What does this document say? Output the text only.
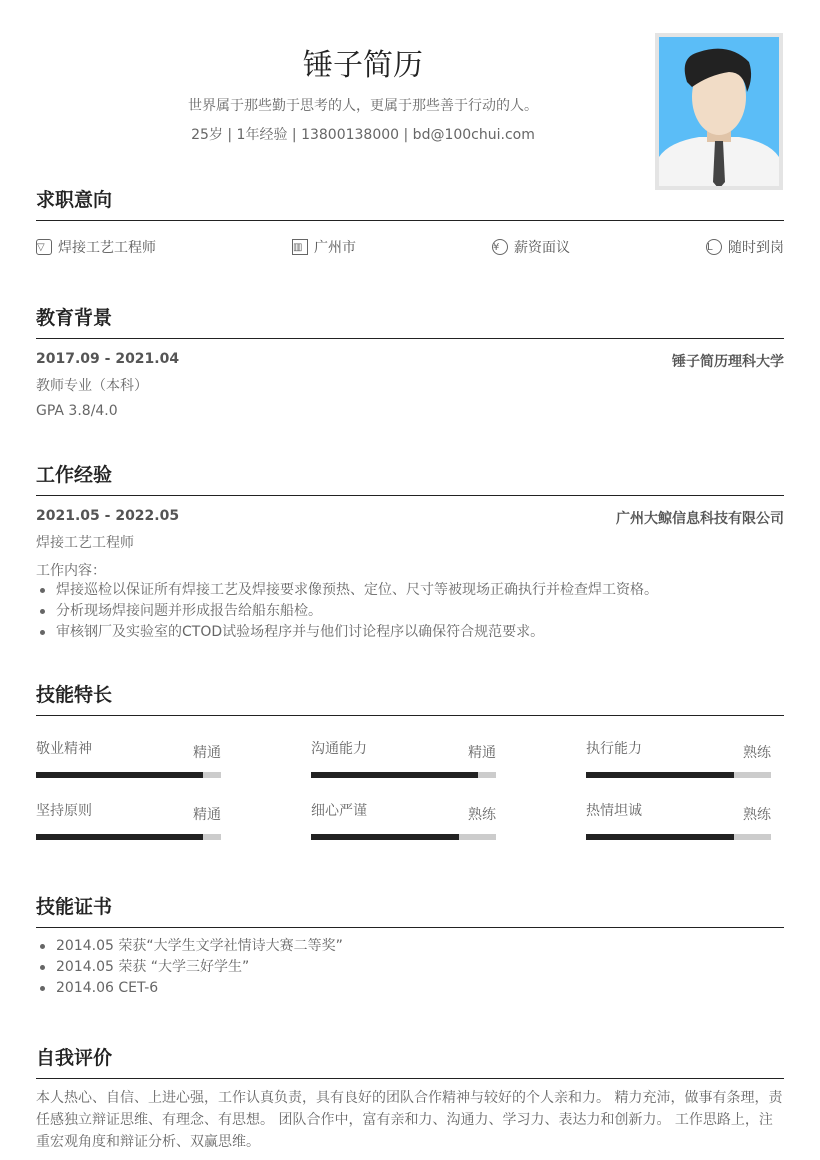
锤子简历
世界属于那些勤于思考的人，更属于那些善于行动的人。
25岁 | 1年经验 | 13800138000 | bd@100chui.com
求职意向
▽ 焊接工艺工程师	▥ 广州市	¥	薪资面议	L	随时到岗
教育背景
2017.09 - 2021.04	锤子简历理科大学
教师专业（本科）
GPA 3.8/4.0
工作经验
2021.05 - 2022.05	广州大鲸信息科技有限公司
焊接工艺工程师
工作内容：
焊接巡检以保证所有焊接工艺及焊接要求像预热、定位、尺寸等被现场正确执行并检查焊工资格。
分析现场焊接问题并形成报告给船东船检。
审核钢厂及实验室的CTOD试验场程序并与他们讨论程序以确保符合规范要求。
技能特长
敬业精神	精通	沟通能力	精通	执行能力	熟练
坚持原则	精通	细心严谨	熟练	热情坦诚	熟练
技能证书
2014.05 荣获“大学生文学社情诗大赛二等奖”
2014.05 荣获 “大学三好学生”
2014.06 CET-6
自我评价

本人热心、自信、上进心强，工作认真负责，具有良好的团队合作精神与较好的个人亲和力。 精力充沛，做事有条理，责任感独立辩证思维、有理念、有思想。 团队合作中，富有亲和力、沟通力、学习力、表达力和创新力。 工作思路上，注重宏观角度和辩证分析、双赢思维。
